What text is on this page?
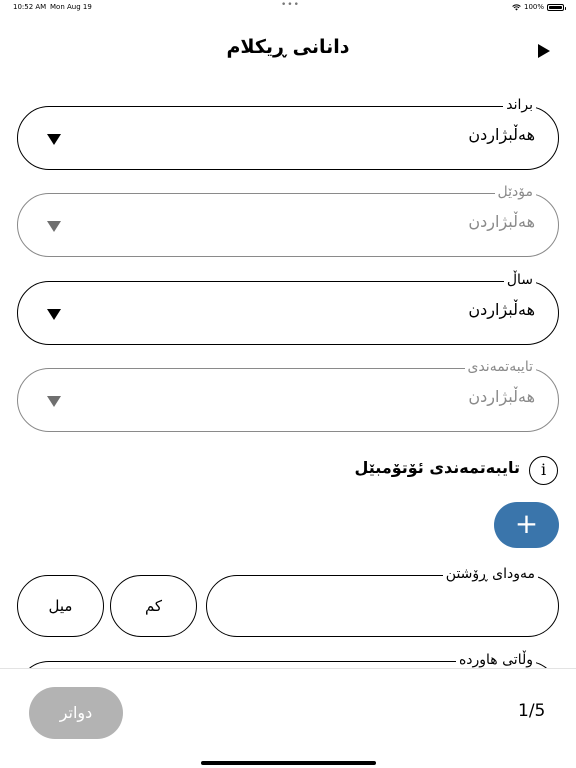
10:52 AM Mon Aug 19	•••	100%
دانانی ڕیکلام
براند
هەڵبژاردن
مۆدێل
هەڵبژاردن
ساڵ
هەڵبژاردن
تایبەتمەندی
هەڵبژاردن
تایبەتمەندی ئۆتۆمبێل	i
+
میل	کم
مەودای ڕۆشتن
وڵاتی هاوردە
دواتر	1/5
